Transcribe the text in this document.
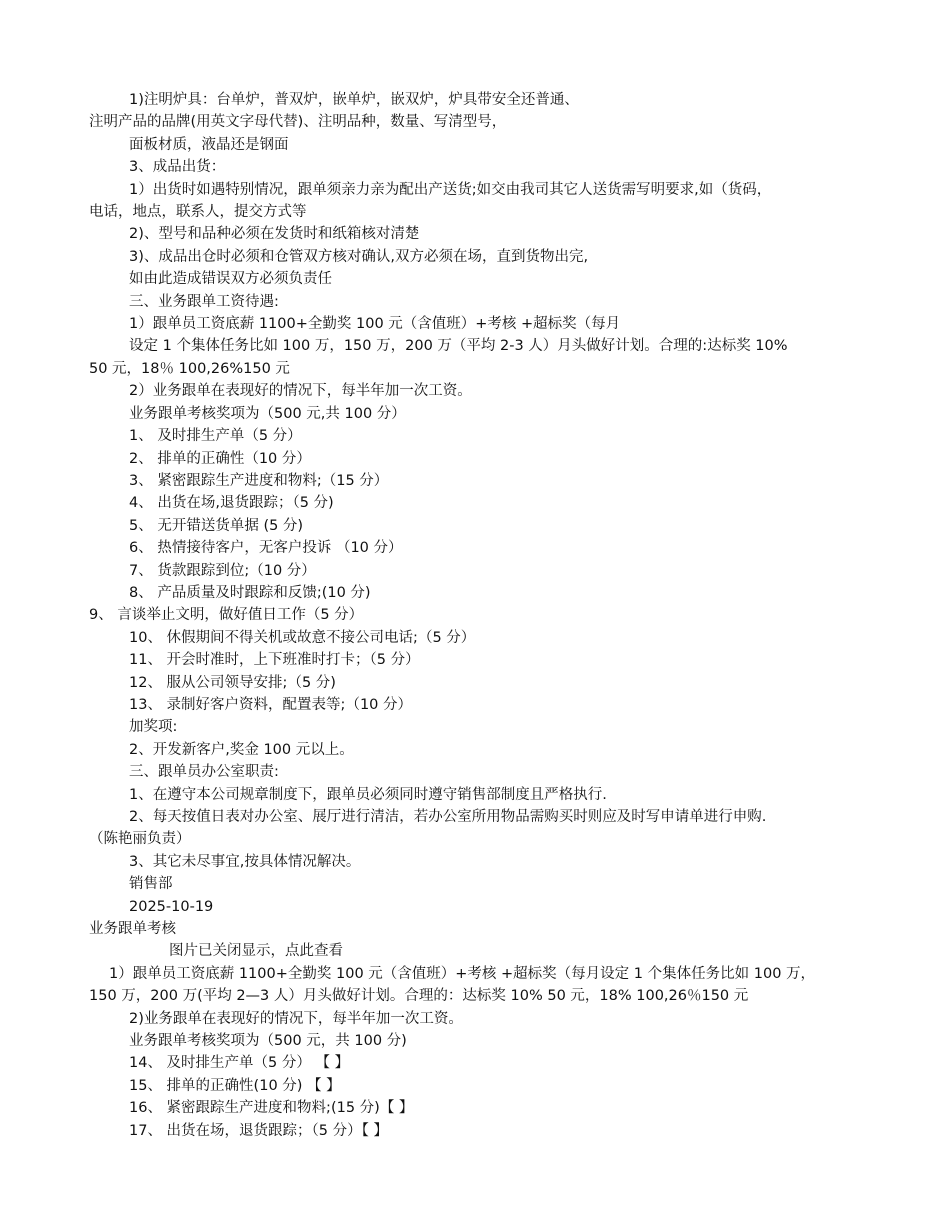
1)注明炉具：台单炉，普双炉，嵌单炉，嵌双炉，炉具带安全还普通、
注明产品的品牌(用英文字母代替)、注明品种，数量、写清型号，
面板材质，液晶还是钢面
3、成品出货：
1）出货时如遇特别情况，跟单须亲力亲为配出产送货;如交由我司其它人送货需写明要求,如（货码，
电话，地点，联系人，提交方式等
2)、型号和品种必须在发货时和纸箱核对清楚
3)、成品出仓时必须和仓管双方核对确认,双方必须在场，直到货物出完,
如由此造成错误双方必须负责任
三、业务跟单工资待遇:
1）跟单员工资底薪 1100+全勤奖 100 元（含值班）+考核 +超标奖（每月
设定 1 个集体任务比如 100 万，150 万，200 万（平均 2-3 人）月头做好计划。合理的:达标奖 10%
50 元，18％ 100,26%150 元
2）业务跟单在表现好的情况下，每半年加一次工资。
业务跟单考核奖项为（500 元,共 100 分）
1、 及时排生产单（5 分）
2、 排单的正确性（10 分）
3、 紧密跟踪生产进度和物料;（15 分）
4、 出货在场,退货跟踪；（5 分)
5、 无开错送货单据 (5 分)
6、 热情接待客户，无客户投诉 （10 分）
7、 货款跟踪到位;（10 分）
8、 产品质量及时跟踪和反馈;(10 分)
9、 言谈举止文明，做好值日工作（5 分）
10、 休假期间不得关机或故意不接公司电话;（5 分）
11、 开会时准时，上下班准时打卡；（5 分）
12、 服从公司领导安排;（5 分)
13、 录制好客户资料，配置表等;（10 分）
加奖项:
2、开发新客户,奖金 100 元以上。
三、跟单员办公室职责:
1、在遵守本公司规章制度下，跟单员必须同时遵守销售部制度且严格执行.
2、每天按值日表对办公室、展厅进行清洁，若办公室所用物品需购买时则应及时写申请单进行申购.
（陈艳丽负责）
3、其它未尽事宜,按具体情况解决。
销售部
2025-10-19
业务跟单考核
图片已关闭显示，点此查看
1）跟单员工资底薪 1100+全勤奖 100 元（含值班）+考核 +超标奖（每月设定 1 个集体任务比如 100 万，
150 万，200 万(平均 2—3 人）月头做好计划。合理的：达标奖 10% 50 元，18% 100,26％150 元
2)业务跟单在表现好的情况下，每半年加一次工资。
业务跟单考核奖项为（500 元，共 100 分)
14、 及时排生产单（5 分） 【 】
15、 排单的正确性(10 分) 【 】
16、 紧密跟踪生产进度和物料;(15 分)【 】
17、 出货在场，退货跟踪；（5 分）【 】
